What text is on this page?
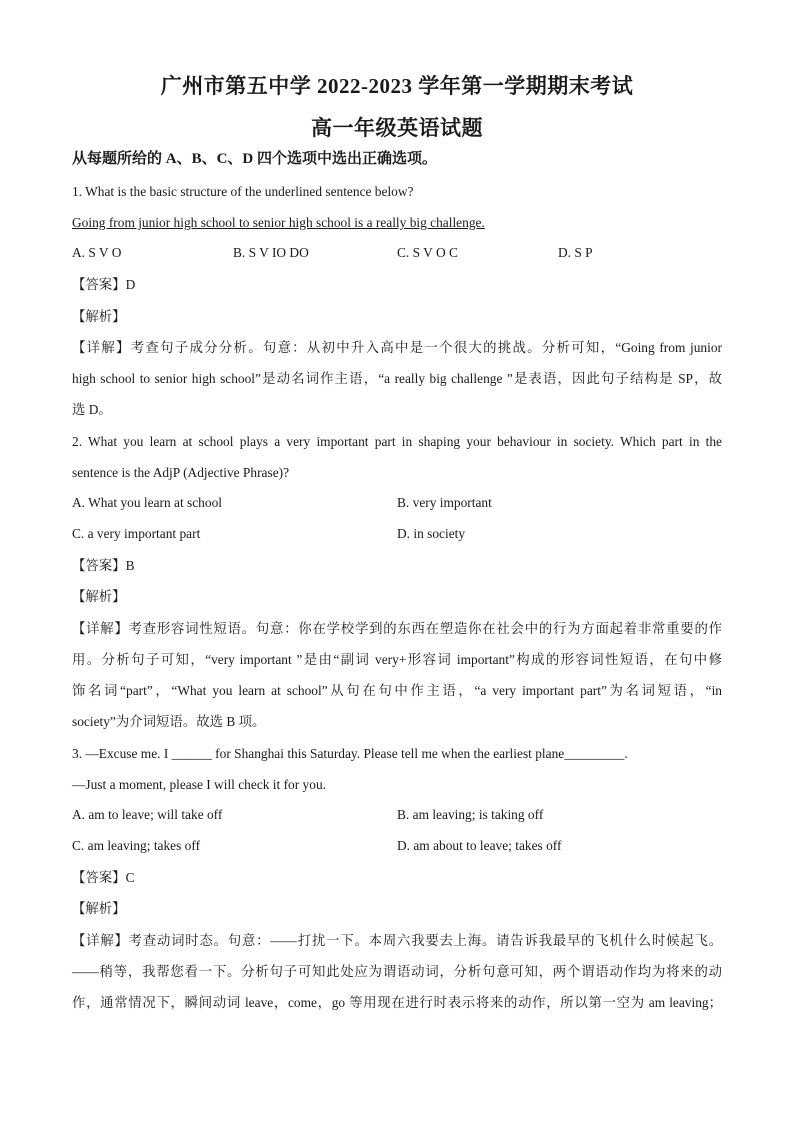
广州市第五中学 2022-2023 学年第一学期期末考试
高一年级英语试题
从每题所给的 A、B、C、D 四个选项中选出正确选项。
1. What is the basic structure of the underlined sentence below?
Going from junior high school to senior high school is a really big challenge.
A. S V O	B. S V IO DO	C. S V O C	D. S P
【答案】D
【解析】
【详解】考查句子成分分析。句意：从初中升入高中是一个很大的挑战。分析可知，“Going from junior
high school to senior high school”是动名词作主语，“a really big challenge ”是表语，因此句子结构是 SP，故
选 D。
2. What you learn at school plays a very important part in shaping your behaviour in society. Which part in the
sentence is the AdjP (Adjective Phrase)?
A. What you learn at school	B. very important
C. a very important part	D. in society
【答案】B
【解析】
【详解】考查形容词性短语。句意：你在学校学到的东西在塑造你在社会中的行为方面起着非常重要的作
用。分析句子可知，“very important ”是由“副词 very+形容词 important”构成的形容词性短语，在句中修
饰名词“part”，“What you learn at school”从句在句中作主语，“a very important part”为名词短语，“in
society”为介词短语。故选 B 项。
3. —Excuse me. I ______ for Shanghai this Saturday. Please tell me when the earliest plane_________.
—Just a moment, please I will check it for you.
A. am to leave; will take off	B. am leaving; is taking off
C. am leaving; takes off	D. am about to leave; takes off
【答案】C
【解析】
【详解】考查动词时态。句意：——打扰一下。本周六我要去上海。请告诉我最早的飞机什么时候起飞。
——稍等，我帮您看一下。分析句子可知此处应为谓语动词，分析句意可知，两个谓语动作均为将来的动
作，通常情况下，瞬间动词 leave，come，go 等用现在进行时表示将来的动作，所以第一空为 am leaving；
